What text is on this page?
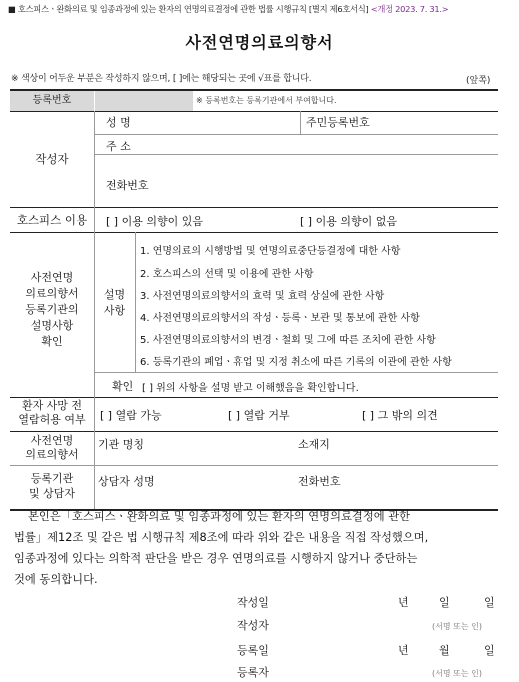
■ 호스피스ㆍ완화의료 및 임종과정에 있는 환자의 연명의료결정에 관한 법률 시행규칙 [별지 제6호서식] <개정 2023. 7. 31.>
사전연명의료의향서
※ 색상이 어두운 부분은 작성하지 않으며, [ ]에는 해당되는 곳에 √표를 합니다.	(앞쪽)
등록번호	※ 등록번호는 등록기관에서 부여합니다.
작성자
성 명	주민등록번호
주 소
전화번호
호스피스 이용	[ ] 이용 의향이 있음	[ ] 이용 의향이 없음
사전연명
의료의향서
등록기관의
설명사항
확인
설명
사항
1. 연명의료의 시행방법 및 연명의료중단등결정에 대한 사항
2. 호스피스의 선택 및 이용에 관한 사항
3. 사전연명의료의향서의 효력 및 효력 상실에 관한 사항
4. 사전연명의료의향서의 작성ㆍ등록ㆍ보관 및 통보에 관한 사항
5. 사전연명의료의향서의 변경ㆍ철회 및 그에 따른 조치에 관한 사항
6. 등록기관의 폐업ㆍ휴업 및 지정 취소에 따른 기록의 이관에 관한 사항
확인 [ ] 위의 사항을 설명 받고 이해했음을 확인합니다.
환자 사망 전
열람허용 여부	[ ] 열람 가능	[ ] 열람 거부	[ ] 그 밖의 의견
사전연명
의료의향서
기관 명칭	소재지
등록기관
및 상담자
상담자 성명	전화번호

본인은「호스피스ㆍ완화의료 및 임종과정에 있는 환자의 연명의료결정에 관한

법률」제12조 및 같은 법 시행규칙 제8조에 따라 위와 같은 내용을 직접 작성했으며,
임종과정에 있다는 의학적 판단을 받은 경우 연명의료를 시행하지 않거나 중단하는
것에 동의합니다.
작성일	년	일	일
작성자	(서명 또는 인)
등록일	년	월	일
등록자	(서명 또는 인)
